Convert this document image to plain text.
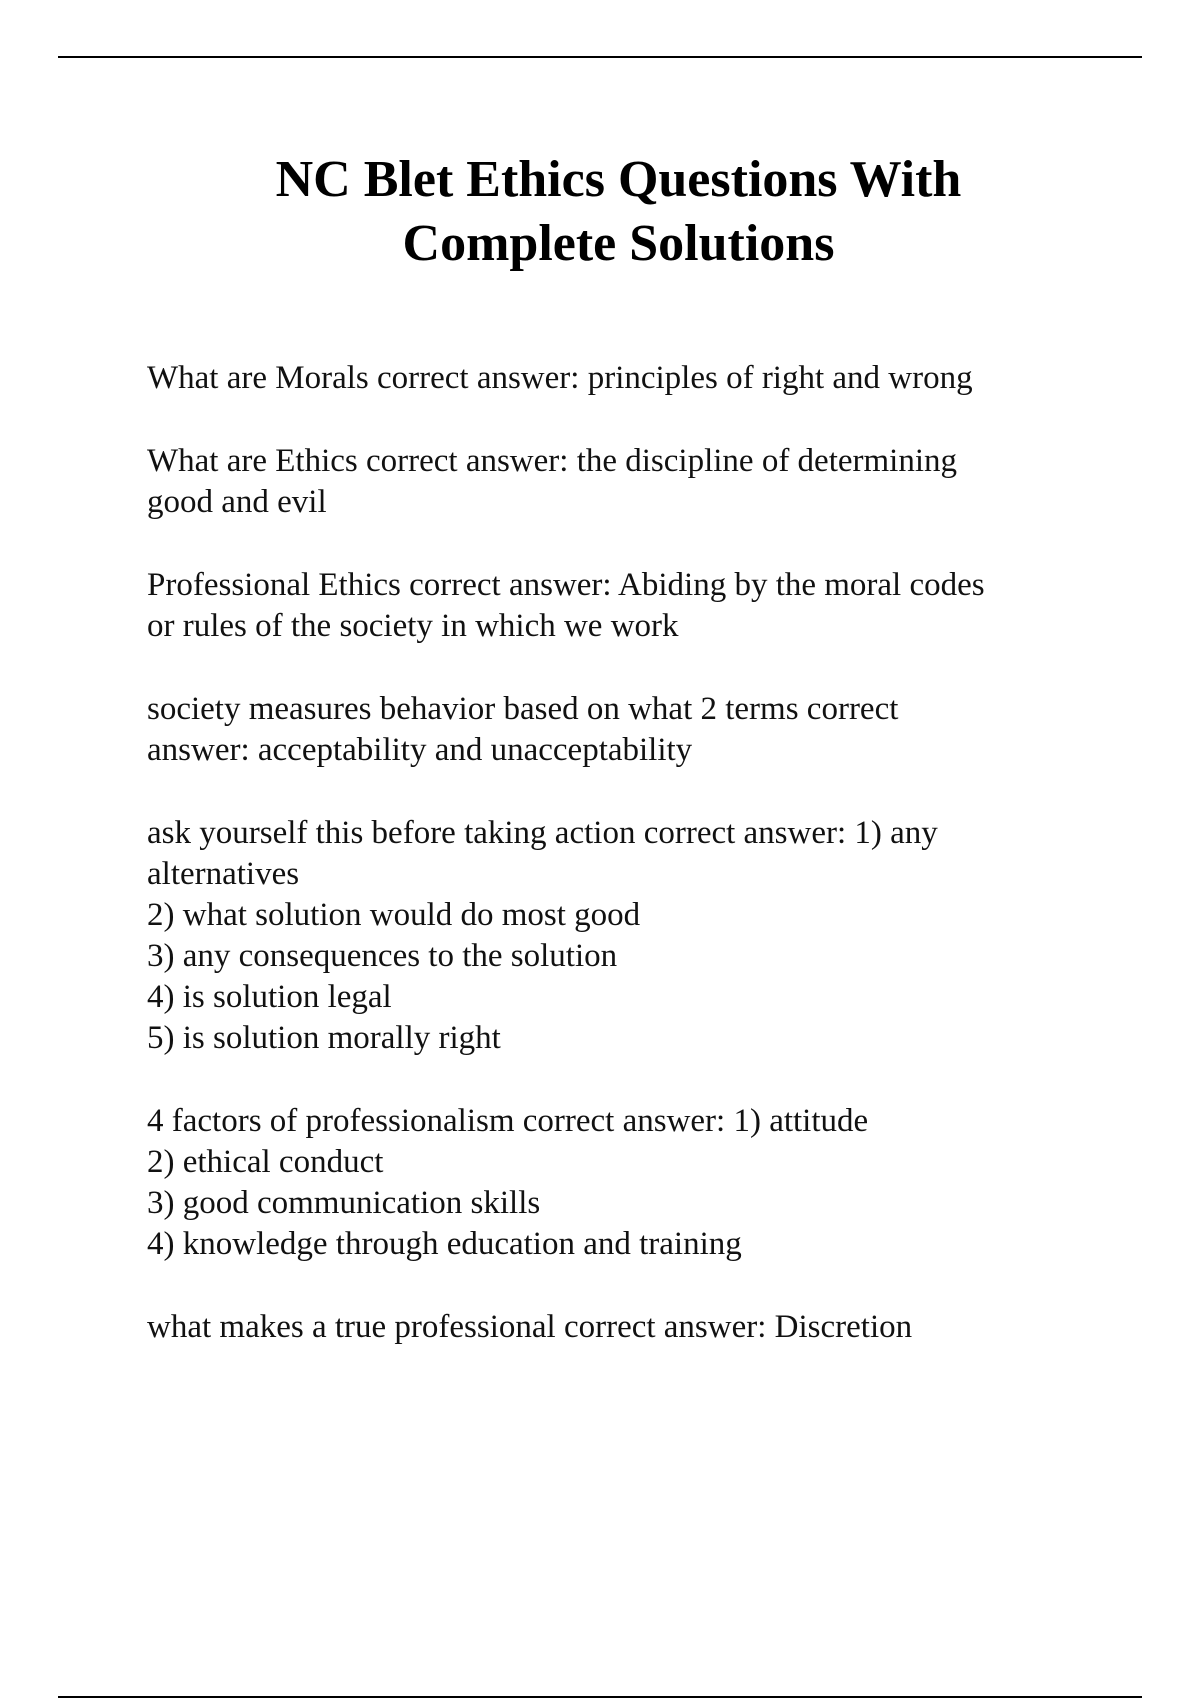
NC Blet Ethics Questions With
Complete Solutions

What are Morals correct answer: principles of right and wrong

What are Ethics correct answer: the discipline of determining
good and evil

Professional Ethics correct answer: Abiding by the moral codes
or rules of the society in which we work

society measures behavior based on what 2 terms correct
answer: acceptability and unacceptability

ask yourself this before taking action correct answer: 1) any
alternatives
2) what solution would do most good
3) any consequences to the solution
4) is solution legal
5) is solution morally right

4 factors of professionalism correct answer: 1) attitude
2) ethical conduct
3) good communication skills
4) knowledge through education and training

what makes a true professional correct answer: Discretion
